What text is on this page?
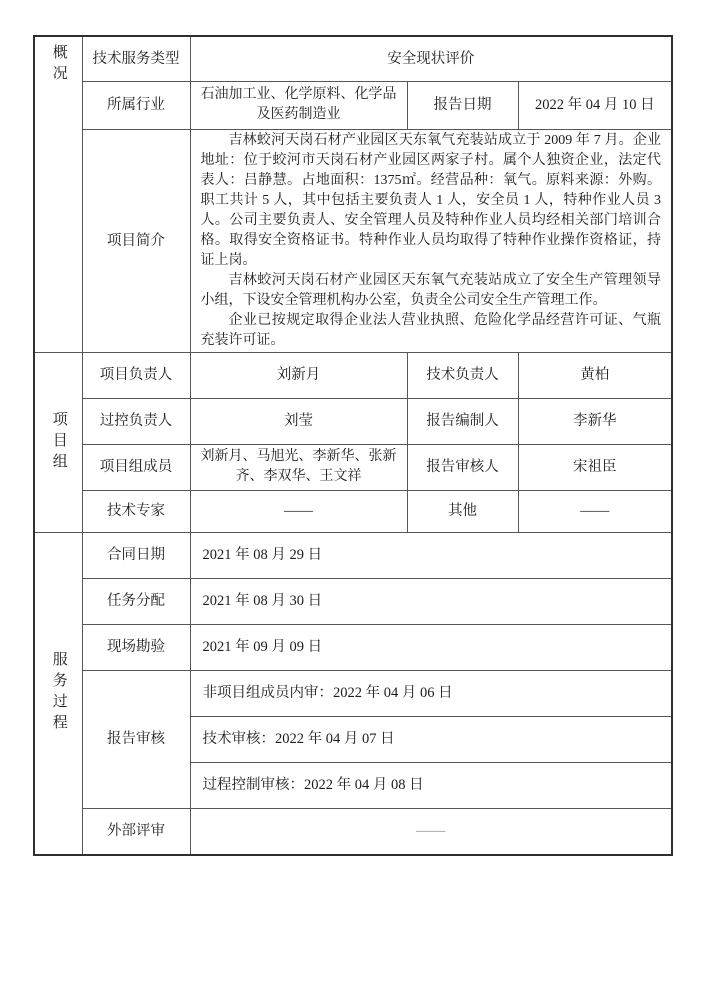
概况	技术服务类型	安全现状评价		
	所属行业	石油加工业、化学原料、化学品及医药制造业	报告日期	2022 年 04 月 10 日
	项目简介	吉林蛟河天岗石材产业园区天东氧气充装站成立于 2009 年 7 月。企业地址：位于蛟河市天岗石材产业园区两家子村。属个人独资企业，法定代表人：吕静慧。占地面积：1375㎡。经营品种：氧气。原料来源：外购。职工共计 5 人，其中包括主要负责人 1 人，安全员 1 人，特种作业人员 3 人。公司主要负责人、安全管理人员及特种作业人员均经相关部门培训合格。取得安全资格证书。特种作业人员均取得了特种作业操作资格证，持证上岗。

吉林蛟河天岗石材产业园区天东氧气充装站成立了安全生产管理领导小组，下设安全管理机构办公室，负责全公司安全生产管理工作。

企业已按规定取得企业法人营业执照、危险化学品经营许可证、气瓶充装许可证。		

项目组	项目负责人	刘新月	技术负责人	黄柏
	过控负责人	刘莹	报告编制人	李新华
	项目组成员	刘新月、马旭光、李新华、张新齐、李双华、王文祥	报告审核人	宋祖臣
	技术专家	——	其他	——

服务过程	合同日期	2021 年 08 月 29 日		
	任务分配	2021 年 08 月 30 日		
	现场勘验	2021 年 09 月 09 日		
	报告审核	非项目组成员内审：2022 年 04 月 06 日		
		技术审核：2022 年 04 月 07 日		
		过程控制审核：2022 年 04 月 08 日		
	外部评审	——		
